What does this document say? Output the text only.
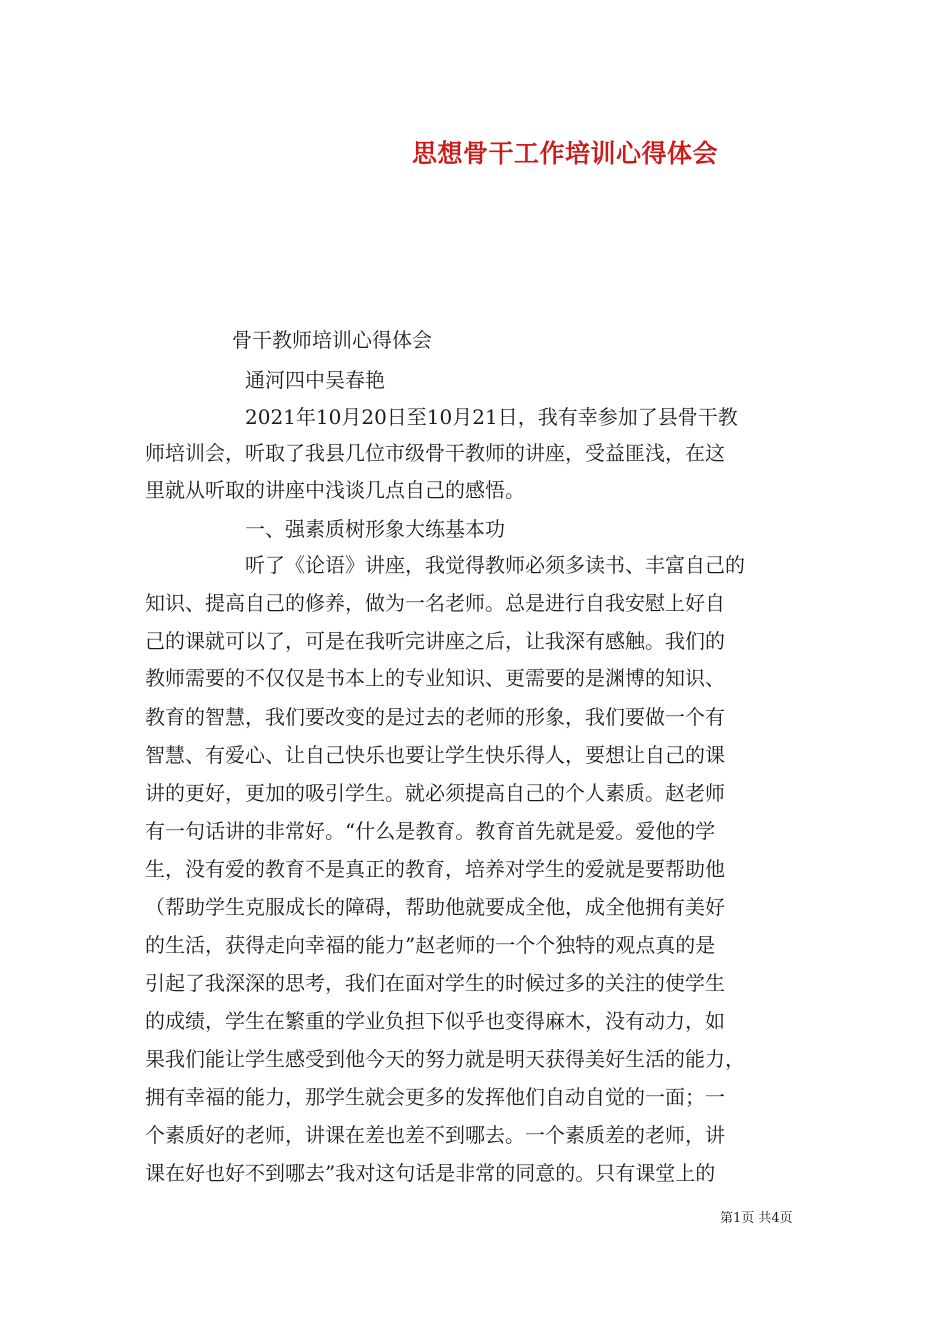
思想骨干工作培训心得体会
骨干教师培训心得体会
通河四中吴春艳
2021年10月20日至10月21日，我有幸参加了县骨干教
师培训会，听取了我县几位市级骨干教师的讲座，受益匪浅，在这
里就从听取的讲座中浅谈几点自己的感悟。
一、强素质树形象大练基本功
听了《论语》讲座，我觉得教师必须多读书、丰富自己的
知识、提高自己的修养，做为一名老师。总是进行自我安慰上好自
己的课就可以了，可是在我听完讲座之后，让我深有感触。我们的
教师需要的不仅仅是书本上的专业知识、更需要的是渊博的知识、
教育的智慧，我们要改变的是过去的老师的形象，我们要做一个有
智慧、有爱心、让自己快乐也要让学生快乐得人，要想让自己的课
讲的更好，更加的吸引学生。就必须提高自己的个人素质。赵老师
有一句话讲的非常好。“什么是教育。教育首先就是爱。爱他的学
生，没有爱的教育不是真正的教育，培养对学生的爱就是要帮助他
（帮助学生克服成长的障碍，帮助他就要成全他，成全他拥有美好
的生活，获得走向幸福的能力”赵老师的一个个独特的观点真的是
引起了我深深的思考，我们在面对学生的时候过多的关注的使学生
的成绩，学生在繁重的学业负担下似乎也变得麻木，没有动力，如
果我们能让学生感受到他今天的努力就是明天获得美好生活的能力，
拥有幸福的能力，那学生就会更多的发挥他们自动自觉的一面；一
个素质好的老师，讲课在差也差不到哪去。一个素质差的老师，讲
课在好也好不到哪去”我对这句话是非常的同意的。只有课堂上的
第1页 共4页
